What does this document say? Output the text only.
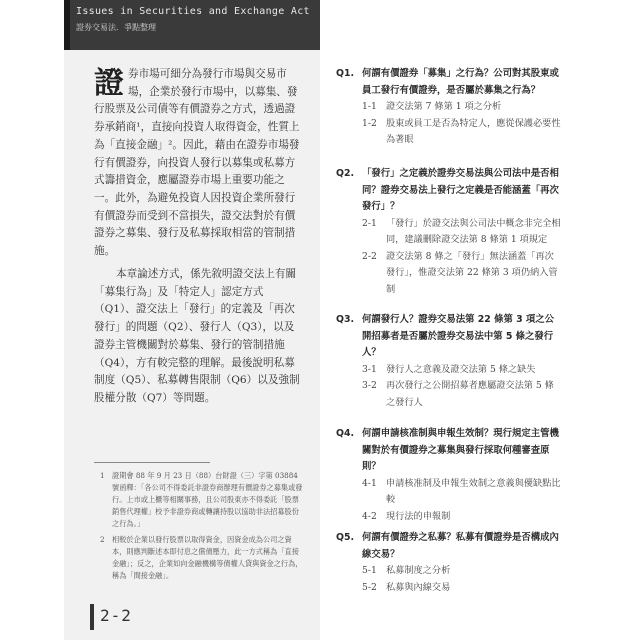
Issues in Securities and Exchange Act
證券交易法．爭點整理

證券市場可細分為發行市場與交易市場，企業於發行市場中，以募集、發行股票及公司債等有價證券之方式，透過證券承銷商¹，直接向投資人取得資金，性質上為「直接金融」²。因此，藉由在證券市場發行有價證券，向投資人發行以募集或私募方式籌措資金，應屬證券市場上重要功能之一。此外，為避免投資人因投資企業所發行有價證券而受到不當損失，證交法對於有價證券之募集、發行及私募採取相當的管制措施。

本章論述方式，係先敘明證交法上有關「募集行為」及「特定人」認定方式（Q1）、證交法上「發行」的定義及「再次發行」的問題（Q2）、發行人（Q3），以及證券主管機關對於募集、發行的管制措施（Q4），方有較完整的理解。最後說明私募制度（Q5）、私募轉售限制（Q6）以及強制股權分散（Q7）等問題。

1	證期會 88 年 9 月 23 日（88）台財證（三）字第 03884 號函釋：「各公司不得委託非證券商辦理有價證券之募集或發行。上市或上櫃等相關事務，且公司股東亦不得委託「股票銷售代理權」校予非證券商或轉讓持股以協助非法招募股份之行為。」
2	相較於企業以發行股票以取得資金，因資金成為公司之資本，則應判斷述本即付息之償債壓力，此一方式稱為「直接金融」；反之，企業如向金融機構等債權人貸與資金之行為，稱為「間接金融」。
2-2
Q1. 何謂有價證券「募集」之行為？公司對其股東或員工發行有價證券，是否屬於募集之行為？
1-1	證交法第 7 條第 1 項之分析
1-2	股東或員工是否為特定人，應從保護必要性為著眼
Q2. 「發行」之定義於證券交易法與公司法中是否相同？證券交易法上發行之定義是否能涵蓋「再次發行」？
2-1	「發行」於證交法與公司法中概念非完全相同，建議刪除證交法第 8 條第 1 項規定
2-2	證交法第 8 條之「發行」無法涵蓋「再次發行」，惟證交法第 22 條第 3 項仍納入管制
Q3. 何謂發行人？證券交易法第 22 條第 3 項之公開招募者是否屬於證券交易法中第 5 條之發行人？
3-1	發行人之意義及證交法第 5 條之缺失
3-2	再次發行之公開招募者應屬證交法第 5 條之發行人
Q4. 何謂申請核准制與申報生效制？現行規定主管機關對於有價證券之募集與發行採取何種審查原則？
4-1	申請核准制及申報生效制之意義與優缺點比較
4-2	現行法的申報制
Q5. 何謂有價證券之私募？私募有價證券是否構成內線交易？
5-1	私募制度之分析
5-2	私募與內線交易
